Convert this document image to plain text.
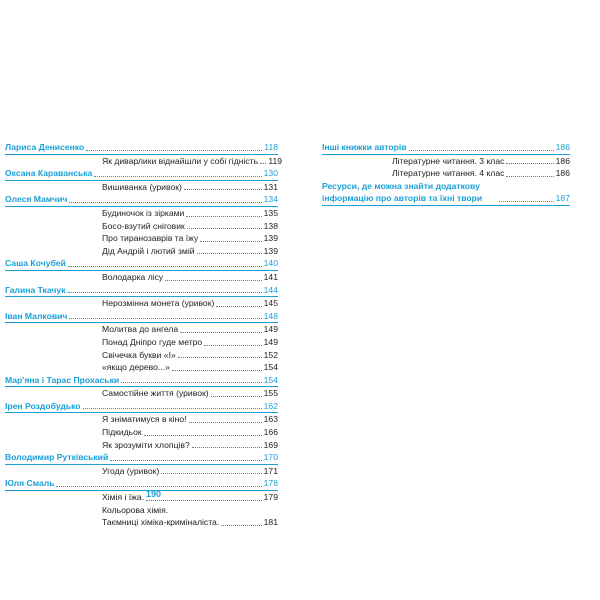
Лариса Денисенко	118
Як диварлики віднайшли у собі гідність 119
Оксана Караванська	130
Вишиванка (уривок)	131
Олеся Мамчич	134
Будиночок із зірками	135
Босо-взутий сніговик	138
Про тиранозаврів та їжу	139
Дід Андрій і лютий змій	139
Саша Кочубей	140
Володарка лісу	141
Галина Ткачук	144
Нерозмінна монета (уривок)	145
Іван Малкович	148
Молитва до ангела	149
Понад Дніпро гуде метро	149
Свічечка букви «І»	152
«якщо дерево...»	154
Мар'яна і Тарас Прохаськи	154
Самостійне життя (уривок)	155
Ірен Роздобудько	162
Я зніматимуся в кіно!	163
Підкидьок	166
Як зрозуміти хлопців?	169
Володимир Рутківський	170
Угода (уривок)	171
Юля Смаль	178
Хімія і їжа.	179
Кольорова хімія.
Таємниці хіміка-криміналіста.	181
Інші книжки авторів	186
Літературне читання. 3 клас	186
Літературне читання. 4 клас	186
Ресурси, де можна знайти додаткову інформацію про авторів та їхні твори	187
190
